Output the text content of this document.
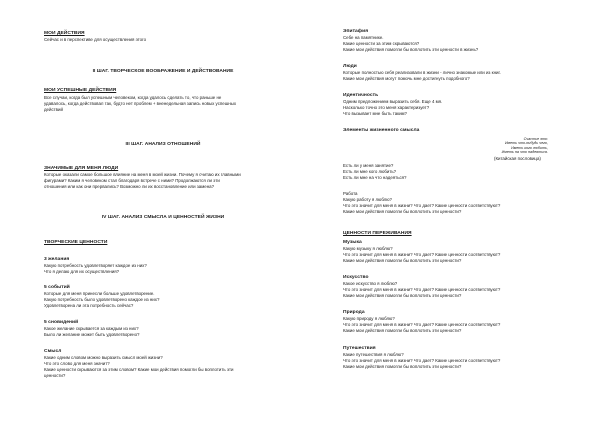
МОИ ДЕЙСТВИЯ
Сейчас и в перспективе для осуществления этого
II ШАГ. ТВОРЧЕСКОЕ ВООБРАЖЕНИЕ И ДЕЙСТВОВАНИЕ
МОИ УСПЕШНЫЕ ДЕЙСТВИЯ
Все случаи, когда был успешным человеком, когда удалось сделать то, что раньше не
удавалось, когда действовал так, будто нет проблем + вненедельная запись новых успешных
действий
III ШАГ. АНАЛИЗ ОТНОШЕНИЙ
ЗНАЧИМЫЕ ДЛЯ МЕНЯ ЛЮДИ
Которые оказали самое большое влияние на меня в моей жизни. Почему я считаю их главными
фигурами? Каким я человеком стал благодаря встрече с ними? Продолжаются ли эти
отношения или как они прервались? Возможно ли их восстановление или замена?
IV ШАГ. АНАЛИЗ СМЫСЛА И ЦЕННОСТЕЙ ЖИЗНИ
ТВОРЧЕСКИЕ ЦЕННОСТИ
3 желания
Какую потребность удовлетворяет каждое из них?
Что я делаю для их осуществления?
5 событий
Которые для меня принесли больше удовлетворение.
Какую потребность было удовлетворено каждое из них?
Удовлетворена ли эта потребность сейчас?
5 сновидений
Какое желание скрывается за каждым из них?
Было ли желание может быть удовлетворено?
Смысл
Какие одним словом можно выразить смысл моей жизни?
Что это слово для меня значит?
Какие ценности скрываются за этим словом? Какие мои действия помогли бы воплотить эти
ценности?
Эпитафия
Себе на памятнике.
Какие ценности за этим скрываются?
Какие мои действия помогли бы воплотить эти ценности в жизнь?
Люди
Которые полностью себя реализовали в жизни - лично знакомые или из книг.
Какие мои действия могут помочь мне достигнуть подобного?
Идентичность
Одним предложением выразить себя. Еще 4 мя.
Насколько точно это меня характеризует?
Что вызывает мне быть таким?
Элементы жизненного смысла
Счастье это:
Иметь что-нибудь чего,
Иметь кого любить,
Иметь на что надеяться.
(Китайская пословица)
Есть ли у меня занятие?
Есть ли мне кого любить?
Есть ли мне на что надеяться?
Работа
Какую работу я люблю?
Что это значит для меня в жизни? Что дает? Какие ценности соответствуют?
Какие мои действия помогли бы воплотить эти ценности?
ЦЕННОСТИ ПЕРЕЖИВАНИЯ
Музыка
Какую музыку я люблю?
Что это значит для меня в жизни? Что дает? Какие ценности соответствуют?
Какие мои действия помогли бы воплотить эти ценности?
Искусство
Какое искусство я люблю?
Что это значит для меня в жизни? Что дает? Какие ценности соответствуют?
Какие мои действия помогли бы воплотить эти ценности?
Природа
Какую природу я люблю?
Что это значит для меня в жизни? Что дает? Какие ценности соответствуют?
Какие мои действия помогли бы воплотить эти ценности?
Путешествия
Какие путешествия я люблю?
Что это значит для меня в жизни? Что дает? Какие ценности соответствуют?
Какие мои действия помогли бы воплотить эти ценности?
